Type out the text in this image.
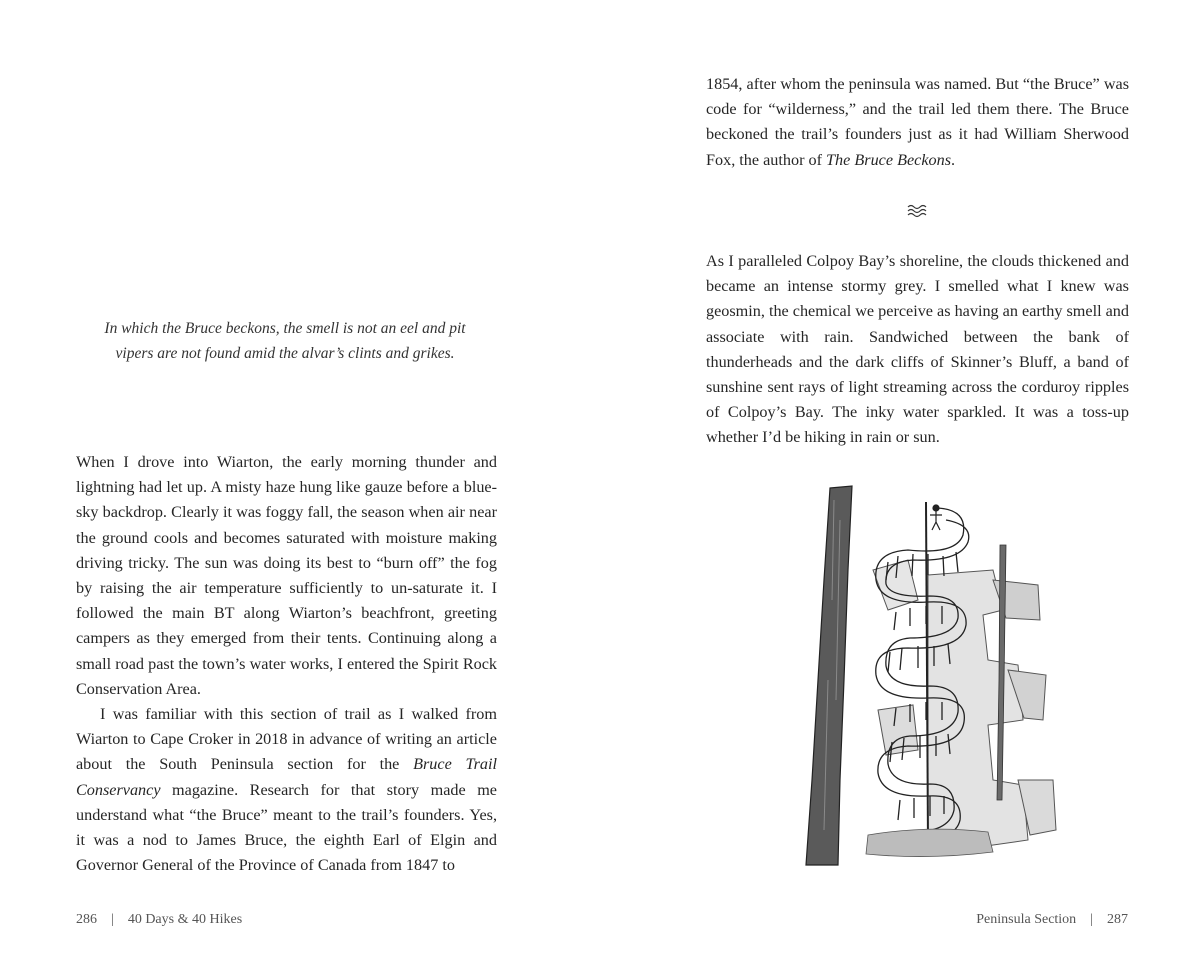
In which the Bruce beckons, the smell is not an eel and pit vipers are not found amid the alvar’s clints and grikes.

When I drove into Wiarton, the early morning thunder and lightning had let up. A misty haze hung like gauze before a blue-sky backdrop. Clearly it was foggy fall, the season when air near the ground cools and becomes saturated with moisture making driving tricky. The sun was doing its best to “burn off” the fog by raising the air temperature sufficiently to un-saturate it. I followed the main BT along Wiarton’s beachfront, greeting campers as they emerged from their tents. Continuing along a small road past the town’s water works, I entered the Spirit Rock Conservation Area.

I was familiar with this section of trail as I walked from Wiarton to Cape Croker in 2018 in advance of writing an article about the South Peninsula section for the Bruce Trail Conservancy magazine. Research for that story made me understand what “the Bruce” meant to the trail’s founders. Yes, it was a nod to James Bruce, the eighth Earl of Elgin and Governor General of the Province of Canada from 1847 to

286 | 40 Days & 40 Hikes

1854, after whom the peninsula was named. But “the Bruce” was code for “wilderness,” and the trail led them there. The Bruce beckoned the trail’s founders just as it had William Sherwood Fox, the author of The Bruce Beckons.

As I paralleled Colpoy Bay’s shoreline, the clouds thickened and became an intense stormy grey. I smelled what I knew was geosmin, the chemical we perceive as having an earthy smell and associate with rain. Sandwiched between the bank of thunderheads and the dark cliffs of Skinner’s Bluff, a band of sunshine sent rays of light streaming across the corduroy ripples of Colpoy’s Bay. The inky water sparkled. It was a toss-up whether I’d be hiking in rain or sun.

Peninsula Section | 287
